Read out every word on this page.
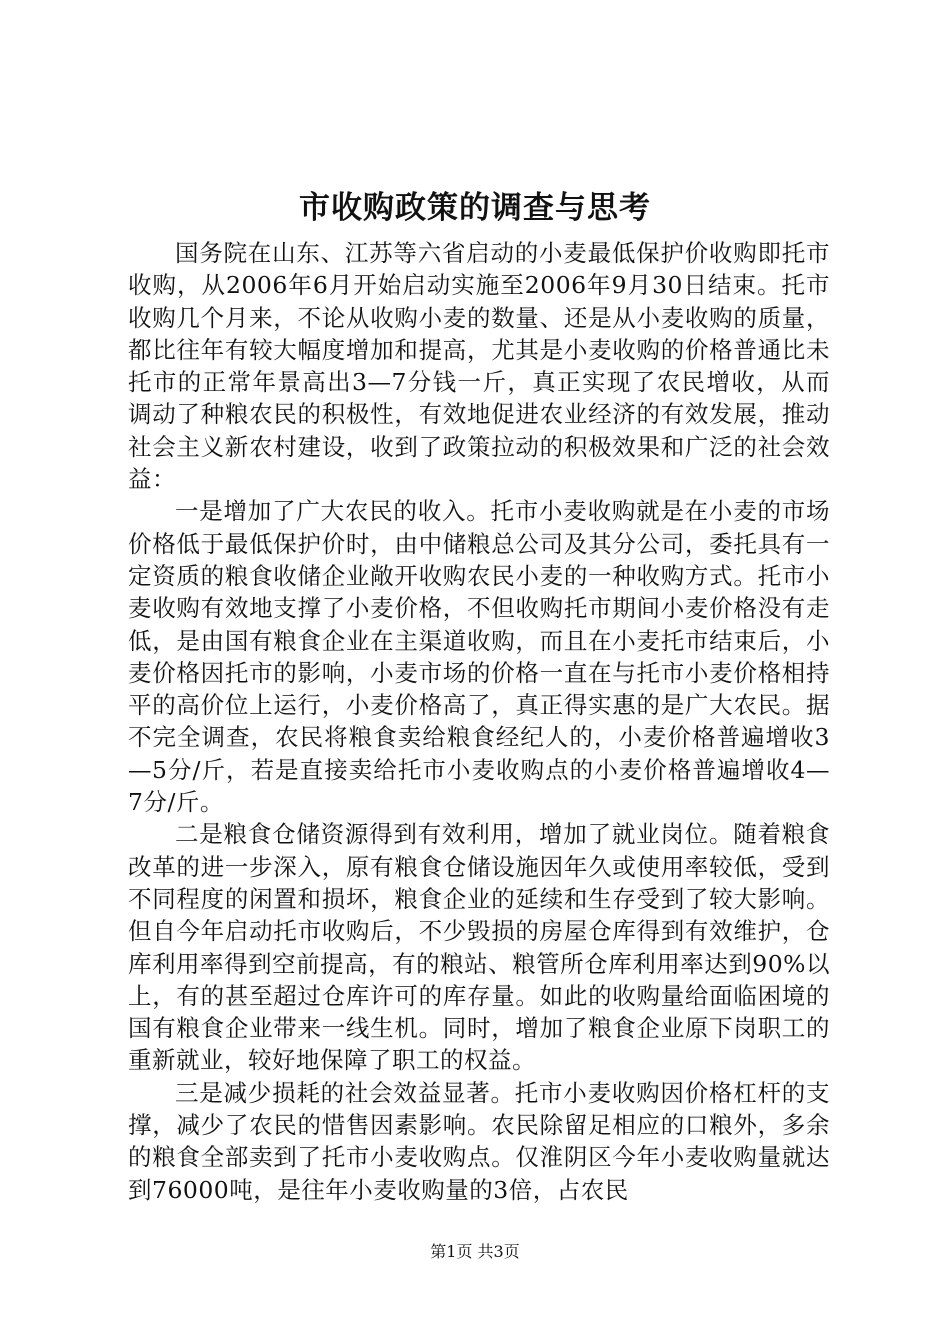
市收购政策的调查与思考

国务院在山东、江苏等六省启动的小麦最低保护价收购即托市收购，从2006年6月开始启动实施至2006年9月30日结束。托市收购几个月来，不论从收购小麦的数量、还是从小麦收购的质量，都比往年有较大幅度增加和提高，尤其是小麦收购的价格普通比未托市的正常年景高出3—7分钱一斤，真正实现了农民增收，从而调动了种粮农民的积极性，有效地促进农业经济的有效发展，推动社会主义新农村建设，收到了政策拉动的积极效果和广泛的社会效益：

一是增加了广大农民的收入。托市小麦收购就是在小麦的市场价格低于最低保护价时，由中储粮总公司及其分公司，委托具有一定资质的粮食收储企业敞开收购农民小麦的一种收购方式。托市小麦收购有效地支撑了小麦价格，不但收购托市期间小麦价格没有走低，是由国有粮食企业在主渠道收购，而且在小麦托市结束后，小麦价格因托市的影响，小麦市场的价格一直在与托市小麦价格相持平的高价位上运行，小麦价格高了，真正得实惠的是广大农民。据不完全调查，农民将粮食卖给粮食经纪人的，小麦价格普遍增收3—5分/斤，若是直接卖给托市小麦收购点的小麦价格普遍增收4—7分/斤。

二是粮食仓储资源得到有效利用，增加了就业岗位。随着粮食改革的进一步深入，原有粮食仓储设施因年久或使用率较低，受到不同程度的闲置和损坏，粮食企业的延续和生存受到了较大影响。但自今年启动托市收购后，不少毁损的房屋仓库得到有效维护，仓库利用率得到空前提高，有的粮站、粮管所仓库利用率达到90%以上，有的甚至超过仓库许可的库存量。如此的收购量给面临困境的国有粮食企业带来一线生机。同时，增加了粮食企业原下岗职工的重新就业，较好地保障了职工的权益。

三是减少损耗的社会效益显著。托市小麦收购因价格杠杆的支撑，减少了农民的惜售因素影响。农民除留足相应的口粮外，多余的粮食全部卖到了托市小麦收购点。仅淮阴区今年小麦收购量就达到76000吨，是往年小麦收购量的3倍，占农民

第1页 共3页
